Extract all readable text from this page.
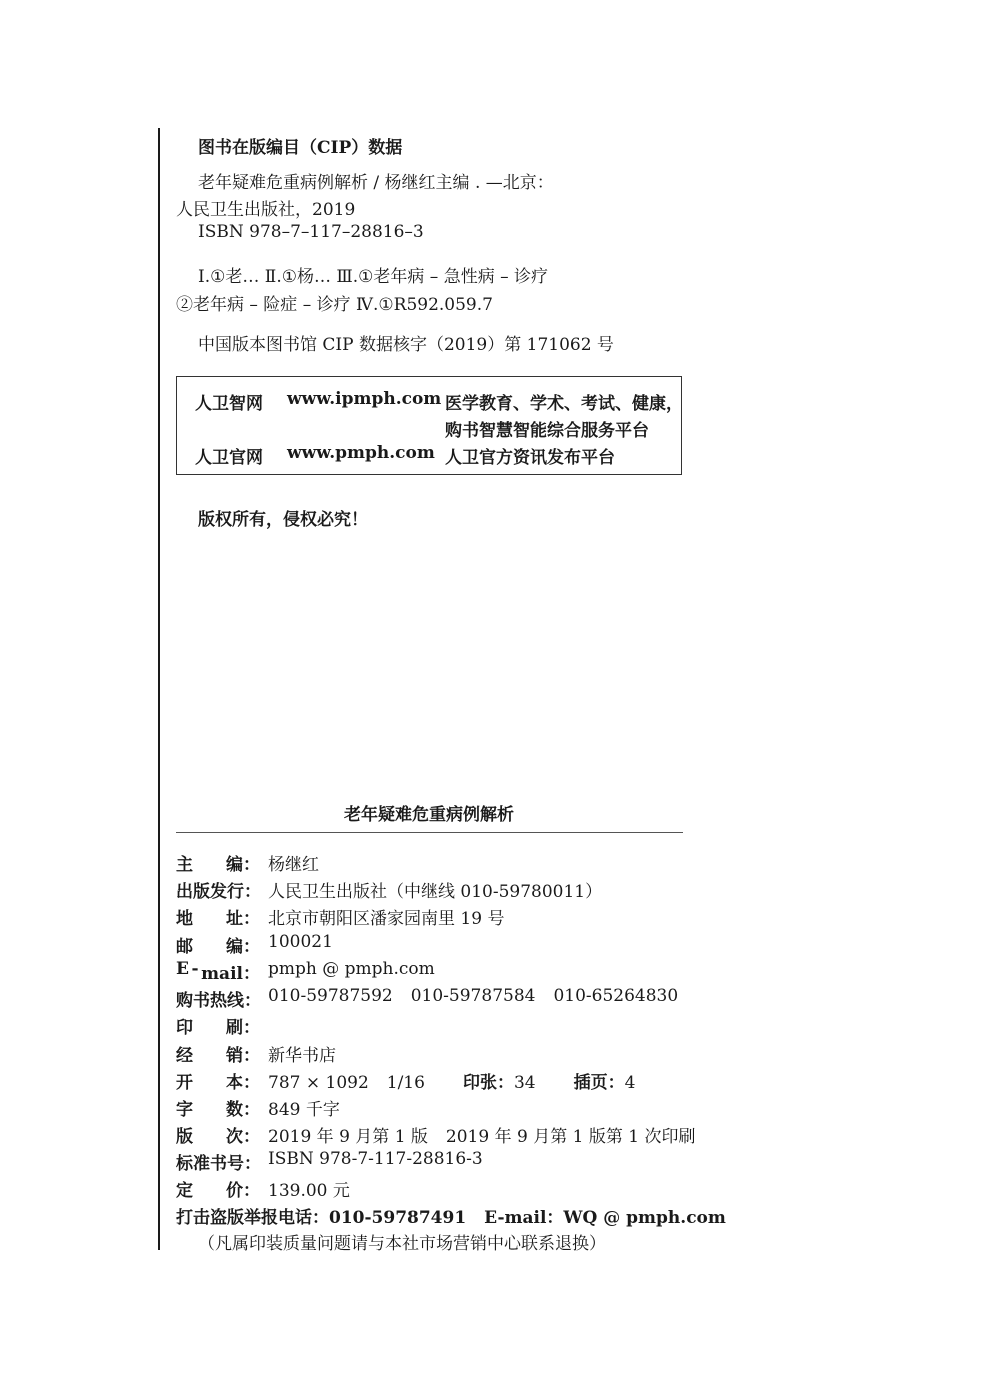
图书在版编目（CIP）数据
老年疑难危重病例解析 / 杨继红主编 . —北京：
人民卫生出版社，2019
ISBN 978–7–117–28816–3
Ⅰ.①老… Ⅱ.①杨… Ⅲ.①老年病 – 急性病 – 诊疗
②老年病 – 险症 – 诊疗 Ⅳ.①R592.059.7
中国版本图书馆 CIP 数据核字（2019）第 171062 号
人卫智网 www.ipmph.com 医学教育、学术、考试、健康，
购书智慧智能综合服务平台
人卫官网 www.pmph.com 人卫官方资讯发布平台
版权所有，侵权必究！
老年疑难危重病例解析
主 编： 杨继红
出版发行： 人民卫生出版社（中继线 010-59780011）
地 址： 北京市朝阳区潘家园南里 19 号
邮 编： 100021
E - mail： pmph @ pmph.com
购书热线： 010-59787592 010-59787584 010-65264830
印 刷：
经 销： 新华书店
开 本： 787 × 1092 1/16 印张：34 插页：4
字 数： 849 千字
版 次： 2019 年 9 月第 1 版 2019 年 9 月第 1 版第 1 次印刷
标准书号： ISBN 978-7-117-28816-3
定 价： 139.00 元
打击盗版举报电话：010-59787491 E-mail：WQ @ pmph.com
（凡属印装质量问题请与本社市场营销中心联系退换）
